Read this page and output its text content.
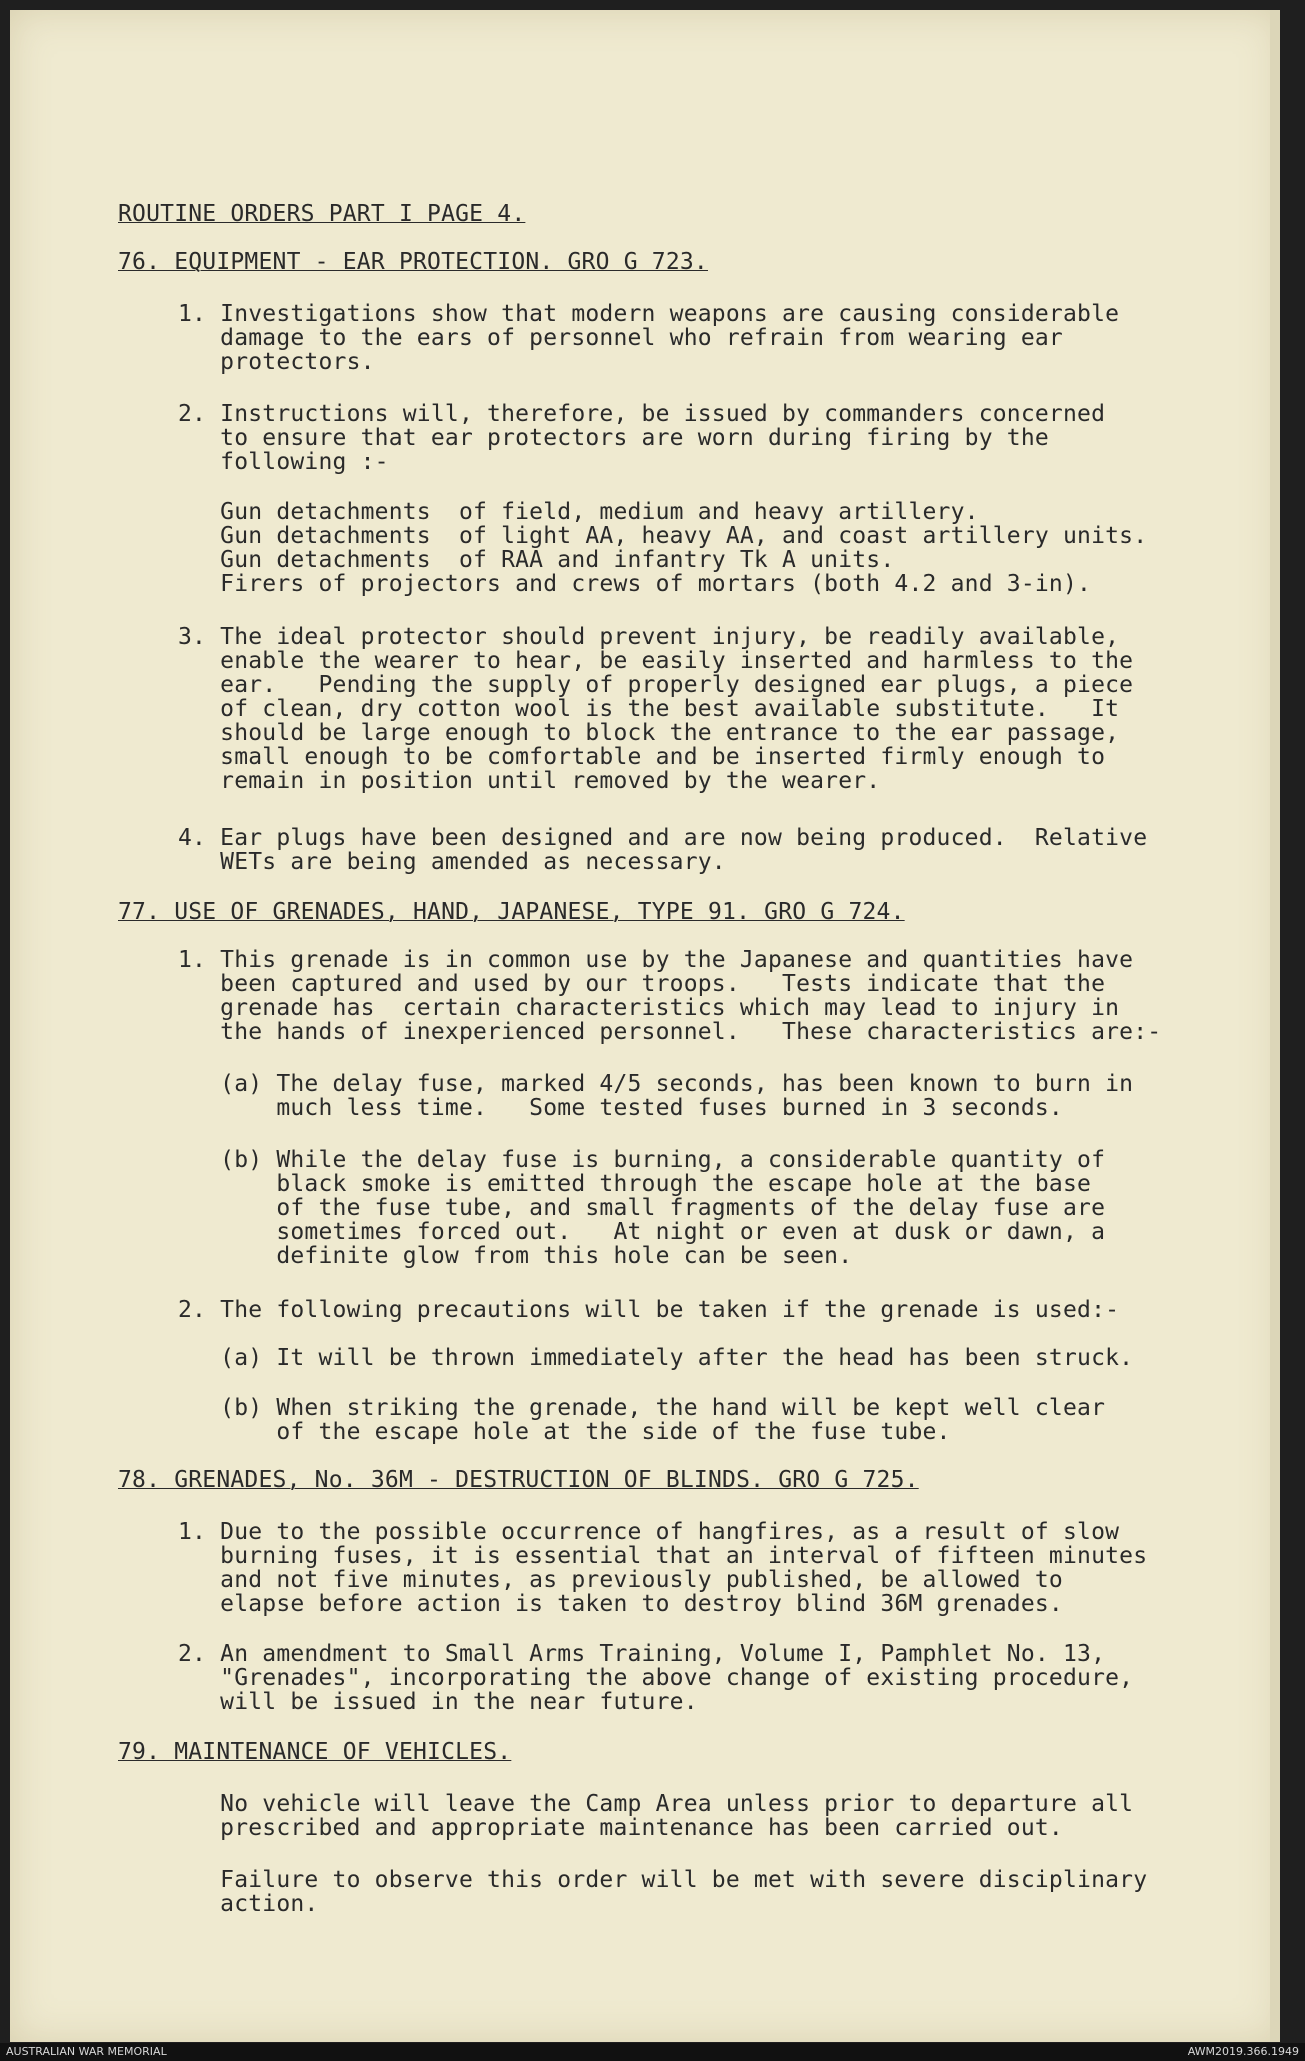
ROUTINE ORDERS PART I PAGE 4.
76. EQUIPMENT - EAR PROTECTION. GRO G 723.
1. Investigations show that modern weapons are causing considerable
damage to the ears of personnel who refrain from wearing ear
protectors.
2. Instructions will, therefore, be issued by commanders concerned
to ensure that ear protectors are worn during firing by the
following :-
Gun detachments  of field, medium and heavy artillery.
Gun detachments  of light AA, heavy AA, and coast artillery units.
Gun detachments  of RAA and infantry Tk A units.
Firers of projectors and crews of mortars (both 4.2 and 3-in).
3. The ideal protector should prevent injury, be readily available,
enable the wearer to hear, be easily inserted and harmless to the
ear.   Pending the supply of properly designed ear plugs, a piece
of clean, dry cotton wool is the best available substitute.   It
should be large enough to block the entrance to the ear passage,
small enough to be comfortable and be inserted firmly enough to
remain in position until removed by the wearer.
4. Ear plugs have been designed and are now being produced.  Relative
WETs are being amended as necessary.
77. USE OF GRENADES, HAND, JAPANESE, TYPE 91. GRO G 724.
1. This grenade is in common use by the Japanese and quantities have
been captured and used by our troops.   Tests indicate that the
grenade has  certain characteristics which may lead to injury in
the hands of inexperienced personnel.   These characteristics are:-
(a) The delay fuse, marked 4/5 seconds, has been known to burn in
much less time.   Some tested fuses burned in 3 seconds.
(b) While the delay fuse is burning, a considerable quantity of
black smoke is emitted through the escape hole at the base
of the fuse tube, and small fragments of the delay fuse are
sometimes forced out.   At night or even at dusk or dawn, a
definite glow from this hole can be seen.
2. The following precautions will be taken if the grenade is used:-
(a) It will be thrown immediately after the head has been struck.
(b) When striking the grenade, the hand will be kept well clear
of the escape hole at the side of the fuse tube.
78. GRENADES, No. 36M - DESTRUCTION OF BLINDS. GRO G 725.
1. Due to the possible occurrence of hangfires, as a result of slow
burning fuses, it is essential that an interval of fifteen minutes
and not five minutes, as previously published, be allowed to
elapse before action is taken to destroy blind 36M grenades.
2. An amendment to Small Arms Training, Volume I, Pamphlet No. 13,
"Grenades", incorporating the above change of existing procedure,
will be issued in the near future.
79. MAINTENANCE OF VEHICLES.
No vehicle will leave the Camp Area unless prior to departure all
prescribed and appropriate maintenance has been carried out.
Failure to observe this order will be met with severe disciplinary
action.
AUSTRALIAN WAR MEMORIAL	AWM2019.366.1949
